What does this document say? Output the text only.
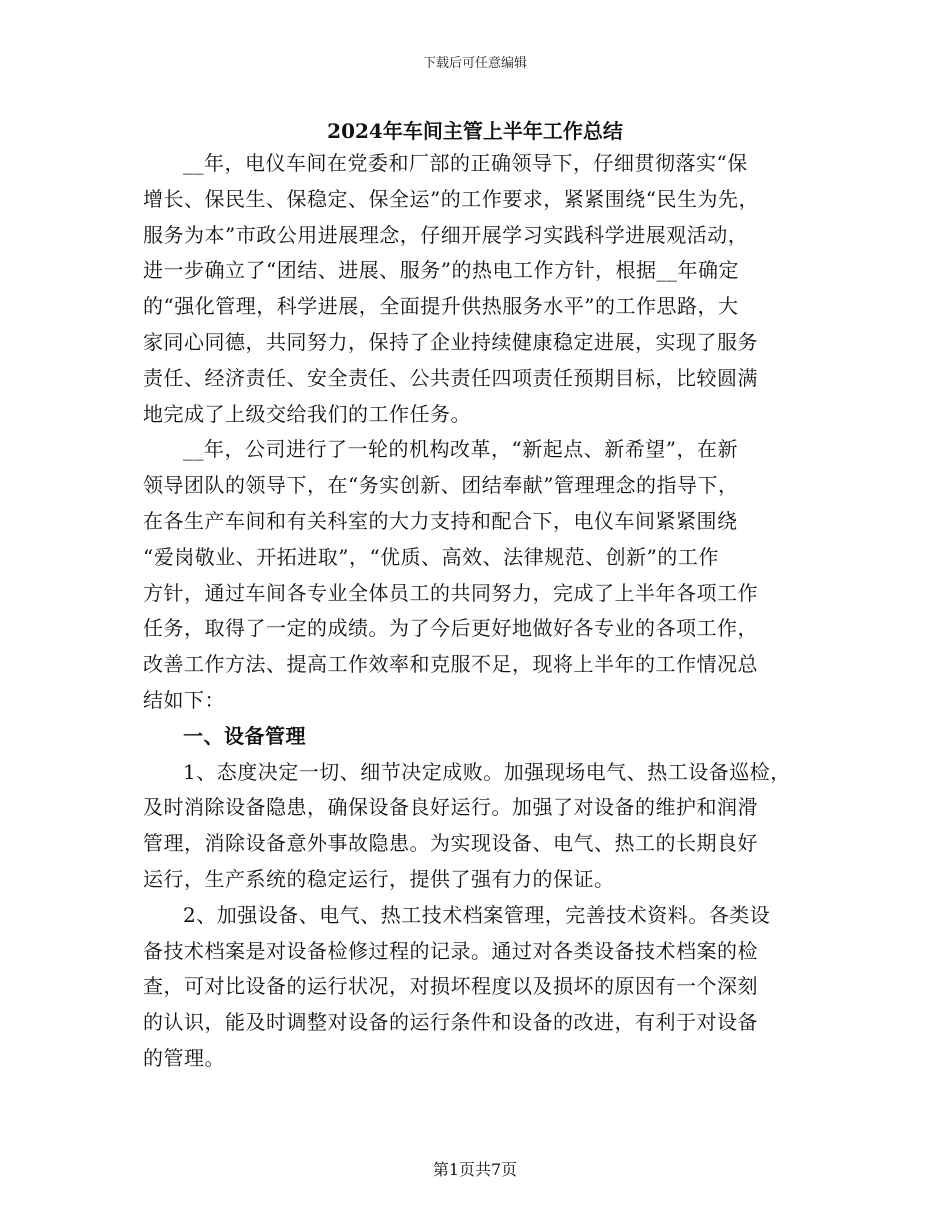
下载后可任意编辑
2024年车间主管上半年工作总结
__年，电仪车间在党委和厂部的正确领导下，仔细贯彻落实“保
增长、保民生、保稳定、保全运”的工作要求，紧紧围绕“民生为先，
服务为本”市政公用进展理念，仔细开展学习实践科学进展观活动，
进一步确立了“团结、进展、服务”的热电工作方针，根据__年确定
的“强化管理，科学进展，全面提升供热服务水平”的工作思路，大
家同心同德，共同努力，保持了企业持续健康稳定进展，实现了服务
责任、经济责任、安全责任、公共责任四项责任预期目标，比较圆满
地完成了上级交给我们的工作任务。
__年，公司进行了一轮的机构改革，“新起点、新希望”，在新
领导团队的领导下，在“务实创新、团结奉献”管理理念的指导下，
在各生产车间和有关科室的大力支持和配合下，电仪车间紧紧围绕
“爱岗敬业、开拓进取”，“优质、高效、法律规范、创新”的工作
方针，通过车间各专业全体员工的共同努力，完成了上半年各项工作
任务，取得了一定的成绩。为了今后更好地做好各专业的各项工作，
改善工作方法、提高工作效率和克服不足，现将上半年的工作情况总
结如下：
一、设备管理
1、态度决定一切、细节决定成败。加强现场电气、热工设备巡检，
及时消除设备隐患，确保设备良好运行。加强了对设备的维护和润滑
管理，消除设备意外事故隐患。为实现设备、电气、热工的长期良好
运行，生产系统的稳定运行，提供了强有力的保证。
2、加强设备、电气、热工技术档案管理，完善技术资料。各类设
备技术档案是对设备检修过程的记录。通过对各类设备技术档案的检
查，可对比设备的运行状况，对损坏程度以及损坏的原因有一个深刻
的认识，能及时调整对设备的运行条件和设备的改进，有利于对设备
的管理。
第1页共7页
